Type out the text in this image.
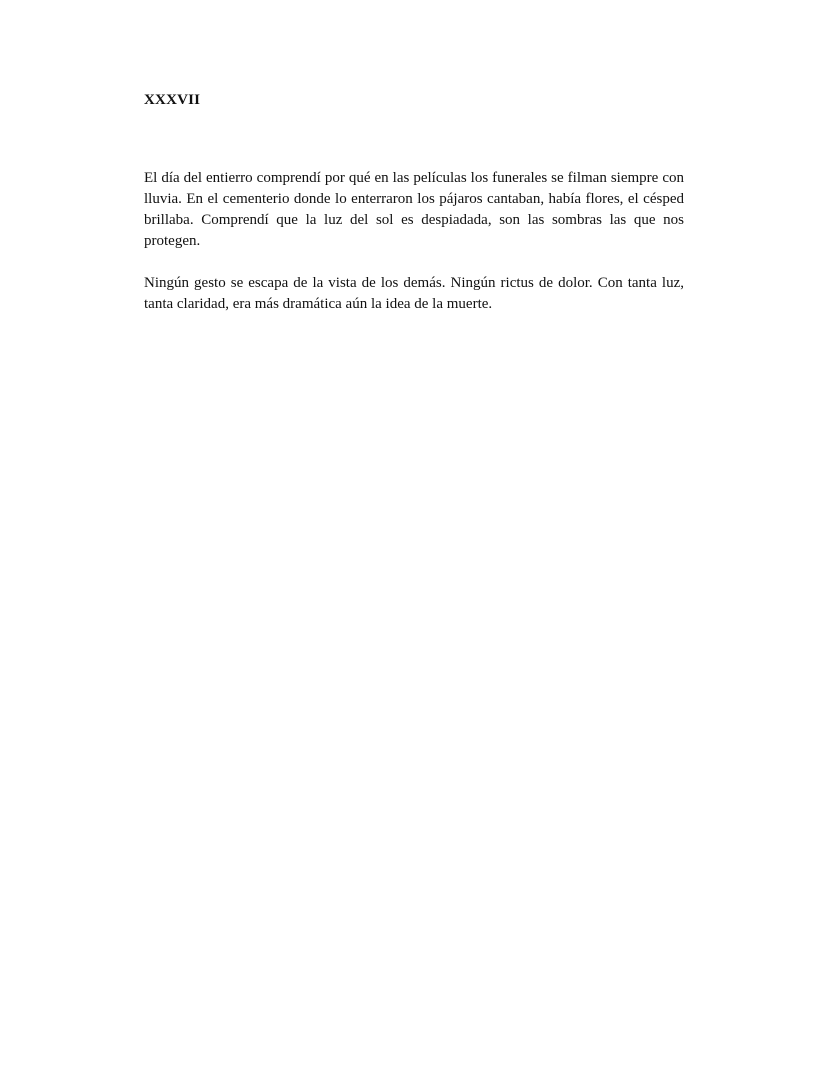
XXXVII

El día del entierro comprendí por qué en las películas los funerales se filman siempre con lluvia. En el cementerio donde lo enterraron los pájaros cantaban, había flores, el césped brillaba. Comprendí que la luz del sol es despiadada, son las sombras las que nos protegen.

Ningún gesto se escapa de la vista de los demás. Ningún rictus de dolor. Con tanta luz, tanta claridad, era más dramática aún la idea de la muerte.
